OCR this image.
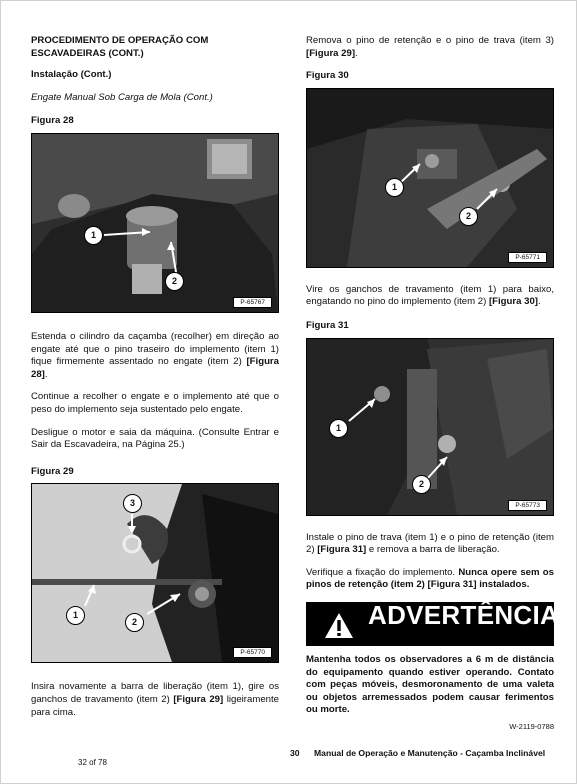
PROCEDIMENTO DE OPERAÇÃO COM ESCAVADEIRAS (CONT.)

Instalação (Cont.)

Engate Manual Sob Carga de Mola (Cont.)

Figura 28

1
2
P-65767

Estenda o cilindro da caçamba (recolher) em direção ao engate até que o pino traseiro do implemento (item 1) fique firmemente assentado no engate (item 2) [Figura 28].

Continue a recolher o engate e o implemento até que o peso do implemento seja sustentado pelo engate.

Desligue o motor e saia da máquina. (Consulte Entrar e Sair da Escavadeira, na Página 25.)

Figura 29

3
1
2
P-65770

Insira novamente a barra de liberação (item 1), gire os ganchos de travamento (item 2) [Figura 29] ligeiramente para cima.

Remova o pino de retenção e o pino de trava (item 3) [Figura 29].

Figura 30

1
2
P-65771

Vire os ganchos de travamento (item 1) para baixo, engatando no pino do implemento (item 2) [Figura 30].

Figura 31

1
2
P-65773

Instale o pino de trava (item 1) e o pino de retenção (item 2) [Figura 31] e remova a barra de liberação.

Verifique a fixação do implemento. Nunca opere sem os pinos de retenção (item 2) [Figura 31] instalados.

ADVERTÊNCIA

Mantenha todos os observadores a 6 m de distância do equipamento quando estiver operando. Contato com peças móveis, desmoronamento de uma valeta ou objetos arremessados podem causar ferimentos ou morte.

W-2119-0788

32 of 78
30 Manual de Operação e Manutenção - Caçamba Inclinável
